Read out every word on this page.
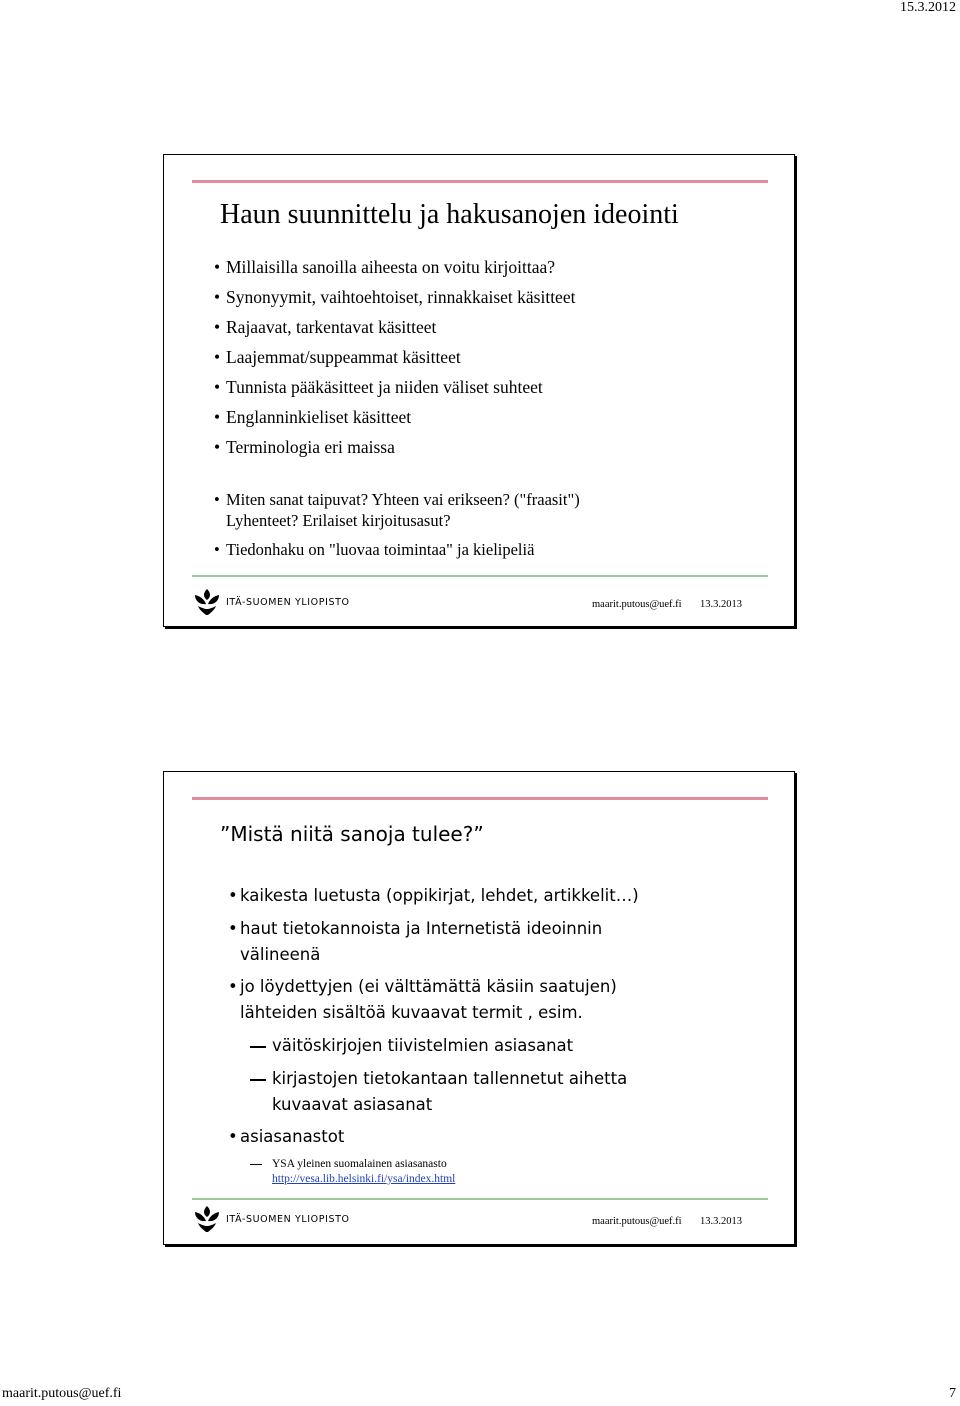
15.3.2012
Haun suunnittelu ja hakusanojen ideointi
• Millaisilla sanoilla aiheesta on voitu kirjoittaa?
• Synonyymit, vaihtoehtoiset, rinnakkaiset käsitteet
• Rajaavat, tarkentavat käsitteet
• Laajemmat/suppeammat käsitteet
• Tunnista pääkäsitteet ja niiden väliset suhteet
• Englanninkieliset käsitteet
• Terminologia eri maissa
• Miten sanat taipuvat? Yhteen vai erikseen? ("fraasit")
Lyhenteet? Erilaiset kirjoitusasut?
• Tiedonhaku on "luovaa toimintaa" ja kielipeliä
ITÄ-SUOMEN YLIOPISTO	maarit.putous@uef.fi 13.3.2013
”Mistä niitä sanoja tulee?”
• kaikesta luetusta (oppikirjat, lehdet, artikkelit…)
• haut tietokannoista ja Internetistä ideoinnin
välineenä
• jo löydettyjen (ei välttämättä käsiin saatujen)
lähteiden sisältöä kuvaavat termit , esim.
väitöskirjojen tiivistelmien asiasanat
kirjastojen tietokantaan tallennetut aihetta
kuvaavat asiasanat
• asiasanastot
YSA yleinen suomalainen asiasanasto
http://vesa.lib.helsinki.fi/ysa/index.html
ITÄ-SUOMEN YLIOPISTO	maarit.putous@uef.fi 13.3.2013
maarit.putous@uef.fi	7
